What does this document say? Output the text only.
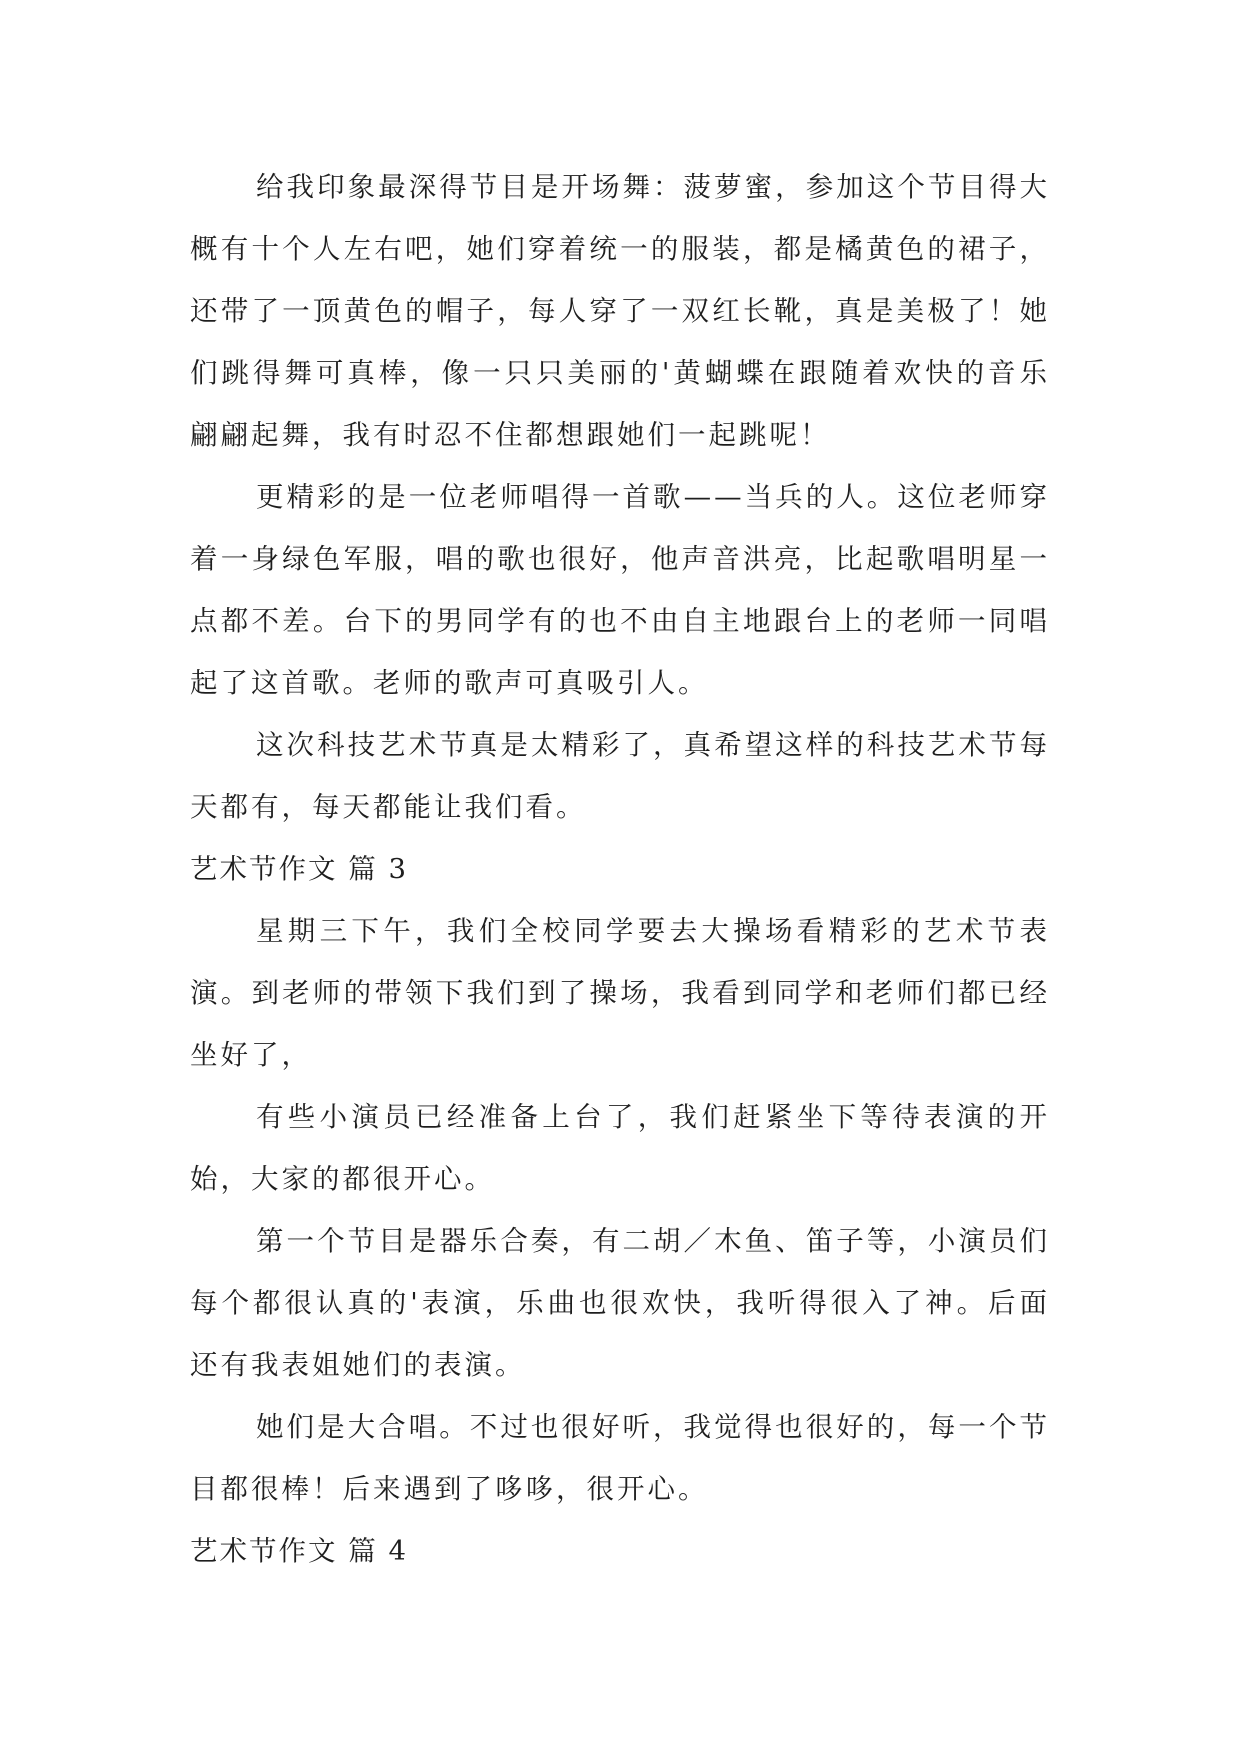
给我印象最深得节目是开场舞：菠萝蜜，参加这个节目得大概有十个人左右吧，她们穿着统一的服装，都是橘黄色的裙子，还带了一顶黄色的帽子，每人穿了一双红长靴，真是美极了！她们跳得舞可真棒，像一只只美丽的'黄蝴蝶在跟随着欢快的音乐翩翩起舞，我有时忍不住都想跟她们一起跳呢！

更精彩的是一位老师唱得一首歌——当兵的人。这位老师穿着一身绿色军服，唱的歌也很好，他声音洪亮，比起歌唱明星一点都不差。台下的男同学有的也不由自主地跟台上的老师一同唱起了这首歌。老师的歌声可真吸引人。

这次科技艺术节真是太精彩了，真希望这样的科技艺术节每天都有，每天都能让我们看。

艺术节作文 篇 3

星期三下午，我们全校同学要去大操场看精彩的艺术节表演。到老师的带领下我们到了操场，我看到同学和老师们都已经坐好了，

有些小演员已经准备上台了，我们赶紧坐下等待表演的开始，大家的都很开心。

第一个节目是器乐合奏，有二胡／木鱼、笛子等，小演员们每个都很认真的'表演，乐曲也很欢快，我听得很入了神。后面还有我表姐她们的表演。

她们是大合唱。不过也很好听，我觉得也很好的，每一个节目都很棒！后来遇到了哆哆，很开心。

艺术节作文 篇 4
